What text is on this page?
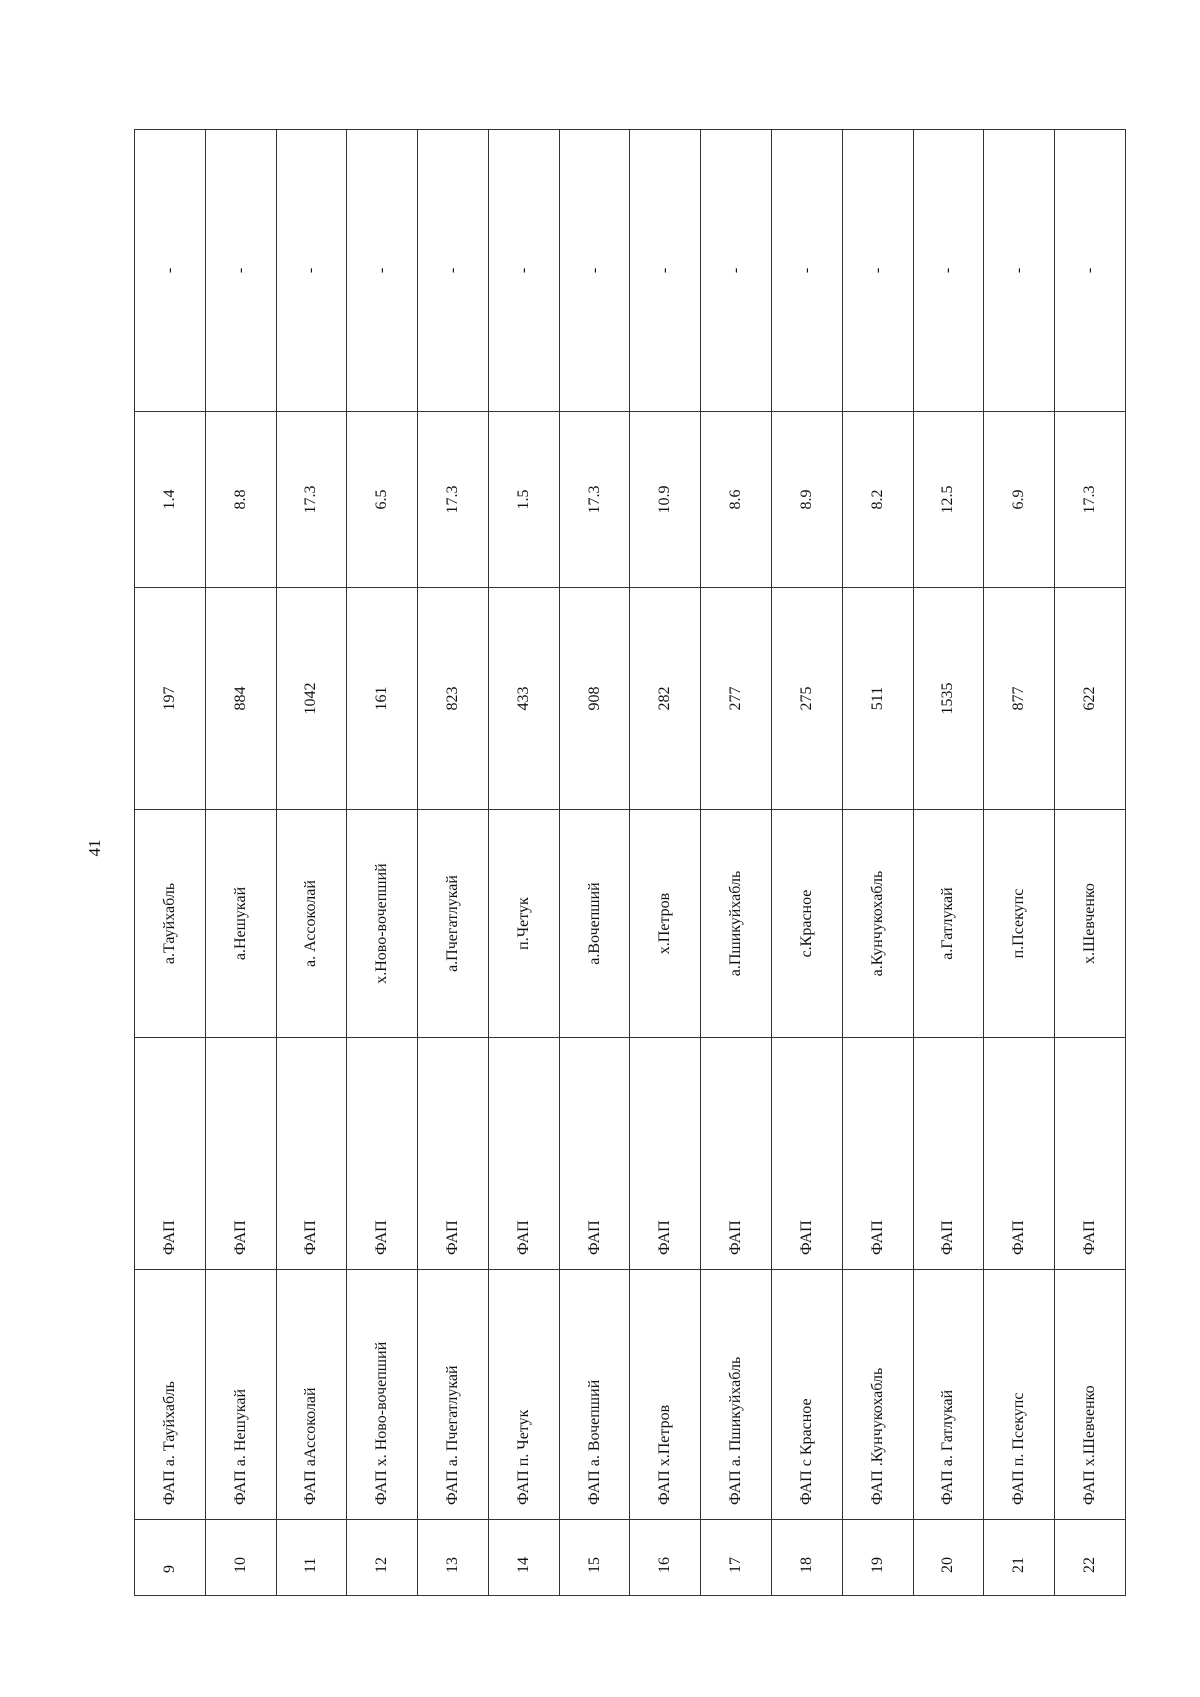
41
9	ФАП а. Тауйхабль	ФАП	а.Тауйхабль	197	1.4	-
10	ФАП а. Нешукай	ФАП	а.Нешукай	884	8.8	-
11	ФАП аАссоколай	ФАП	а. Ассоколай	1042	17.3	-
12	ФАП х. Ново-вочепший	ФАП	х.Ново-вочепший	161	6.5	-
13	ФАП а. Пчегатлукай	ФАП	а.Пчегатлукай	823	17.3	-
14	ФАП п. Четук	ФАП	п.Четук	433	1.5	-
15	ФАП а. Вочепший	ФАП	а.Вочепший	908	17.3	-
16	ФАП х.Петров	ФАП	х.Петров	282	10.9	-
17	ФАП а. Пшикуйхабль	ФАП	а.Пшикуйхабль	277	8.6	-
18	ФАП с Красное	ФАП	с.Красное	275	8.9	-
19	ФАП .Кунчукохабль	ФАП	а.Кунчукохабль	511	8.2	-
20	ФАП а. Гатлукай	ФАП	а.Гатлукай	1535	12.5	-
21	ФАП п. Псекупс	ФАП	п.Псекупс	877	6.9	-
22	ФАП х.Шевченко	ФАП	х.Шевченко	622	17.3	-
